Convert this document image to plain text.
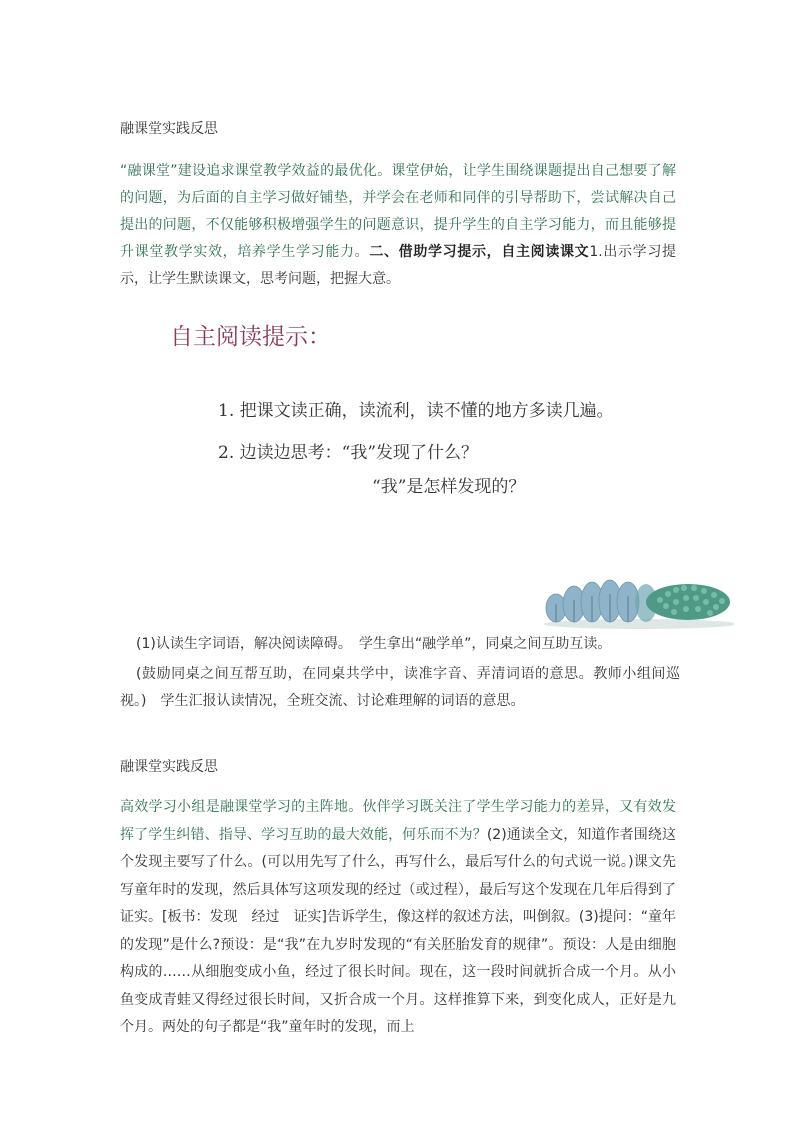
融课堂实践反思
“融课堂”建设追求课堂教学效益的最优化。课堂伊始，让学生围绕课题提出自己想要了解的问题，为后面的自主学习做好铺垫，并学会在老师和同伴的引导帮助下，尝试解决自己提出的问题，不仅能够积极增强学生的问题意识，提升学生的自主学习能力，而且能够提升课堂教学实效，培养学生学习能力。二、借助学习提示，自主阅读课文1.出示学习提示，让学生默读课文，思考问题，把握大意。
自主阅读提示：
1. 把课文读正确，读流利，读不懂的地方多读几遍。
2. 边读边思考：“我”发现了什么？
“我”是怎样发现的？
(1)认读生字词语，解决阅读障碍。　学生拿出“融学单”，同桌之间互助互读。
(鼓励同桌之间互帮互助，在同桌共学中，读准字音、弄清词语的意思。教师小组间巡视。)　学生汇报认读情况，全班交流、讨论难理解的词语的意思。
融课堂实践反思
高效学习小组是融课堂学习的主阵地。伙伴学习既关注了学生学习能力的差异，又有效发挥了学生纠错、指导、学习互助的最大效能，何乐而不为？(2)通读全文，知道作者围绕这个发现主要写了什么。(可以用先写了什么，再写什么，最后写什么的句式说一说。)课文先写童年时的发现，然后具体写这项发现的经过（或过程），最后写这个发现在几年后得到了证实。[板书：发现　经过　证实]告诉学生，像这样的叙述方法，叫倒叙。(3)提问：“童年的发现”是什么?预设：是“我”在九岁时发现的“有关胚胎发育的规律”。预设：人是由细胞构成的……从细胞变成小鱼，经过了很长时间。现在，这一段时间就折合成一个月。从小鱼变成青蛙又得经过很长时间，又折合成一个月。这样推算下来，到变化成人，正好是九个月。两处的句子都是“我”童年时的发现，而上
